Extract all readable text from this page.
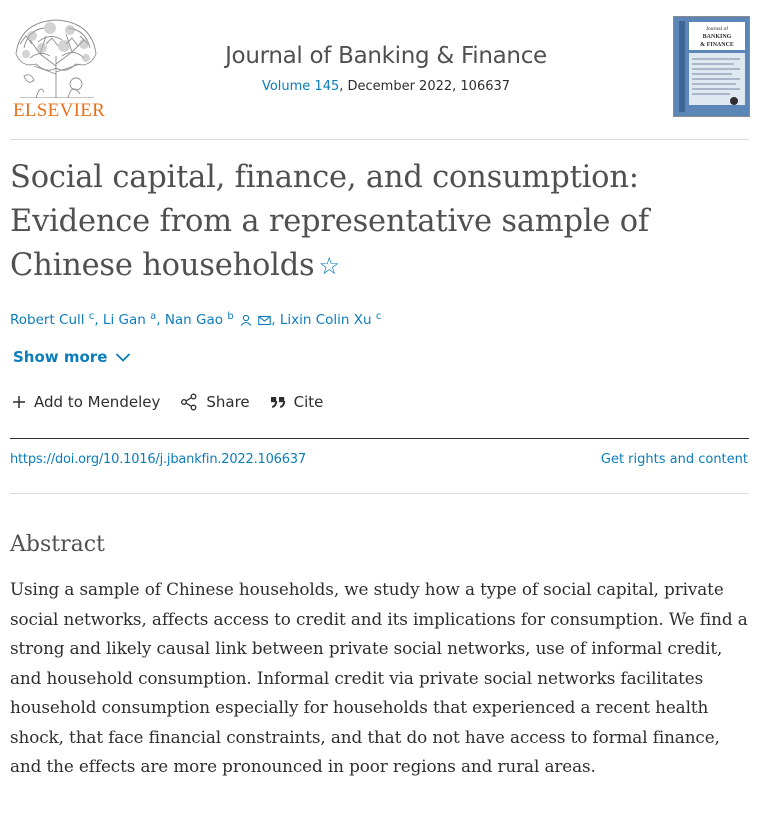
ELSEVIER
Journal of Banking & Finance
Volume 145, December 2022, 106637
Journal of
BANKING
& FINANCE
Social capital, finance, and consumption: Evidence from a representative sample of Chinese households ☆
Robert Cull $^c$, Li Gan $^a$, Nan Gao $^b$	, Lixin Colin Xu $^c$
Show more
Add to Mendeley	Share	Cite
https://doi.org/10.1016/j.jbankfin.2022.106637	Get rights and content
Abstract

Using a sample of Chinese households, we study how a type of social capital, private social networks, affects access to credit and its implications for consumption. We find a strong and likely causal link between private social networks, use of informal credit, and household consumption. Informal credit via private social networks facilitates household consumption especially for households that experienced a recent health shock, that face financial constraints, and that do not have access to formal finance, and the effects are more pronounced in poor regions and rural areas.
